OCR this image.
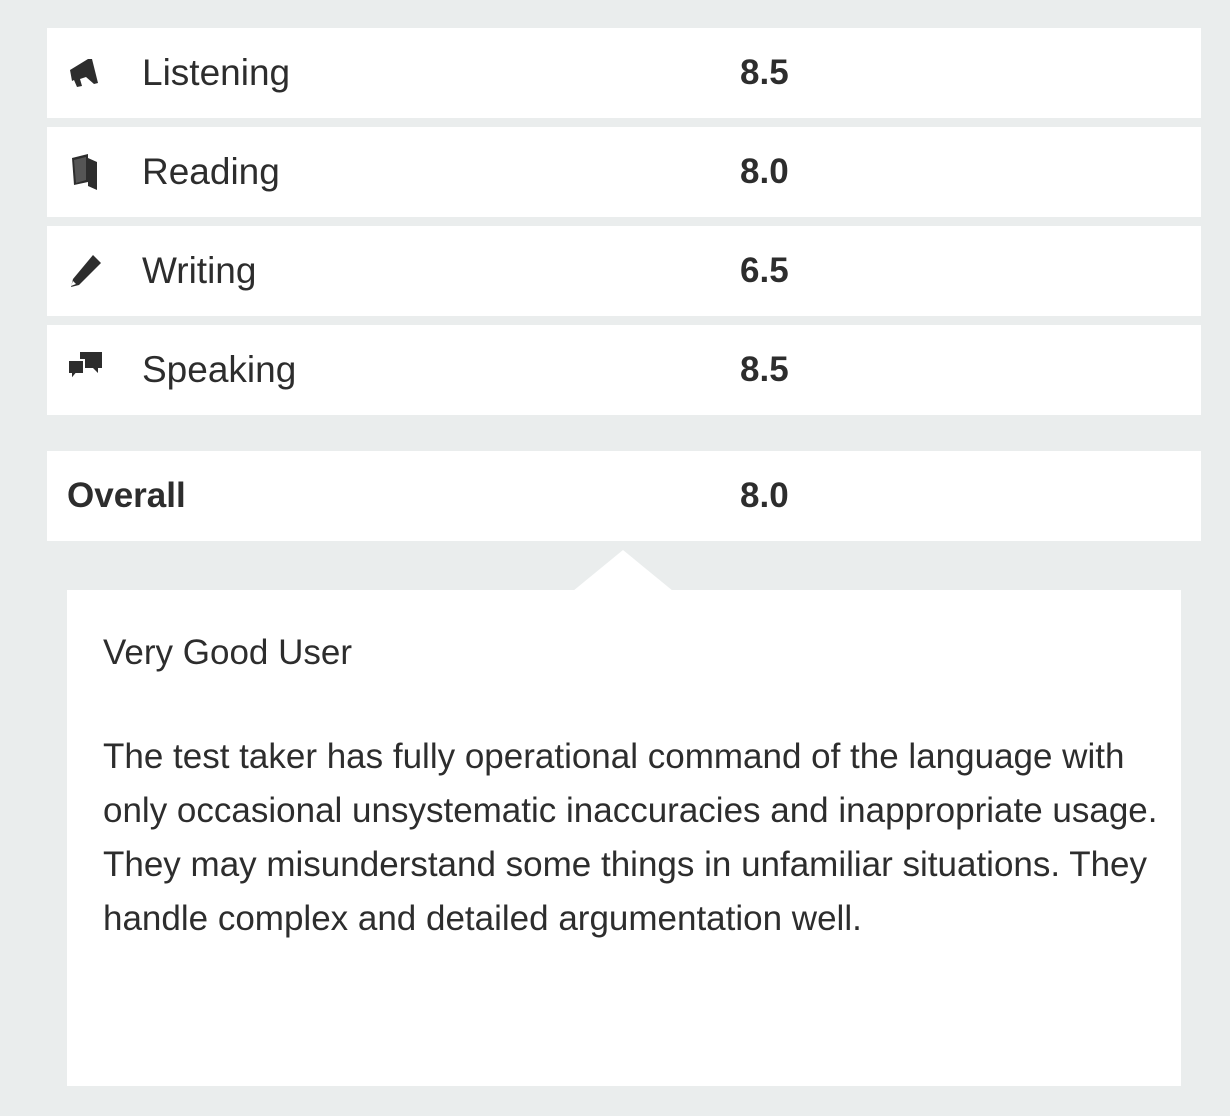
Listening	8.5
Reading	8.0
Writing	6.5
Speaking	8.5
Overall	8.0
Very Good User

The test taker has fully operational command of the language with only occasional unsystematic inaccuracies and inappropriate usage. They may misunderstand some things in unfamiliar situations. They handle complex and detailed argumentation well.
